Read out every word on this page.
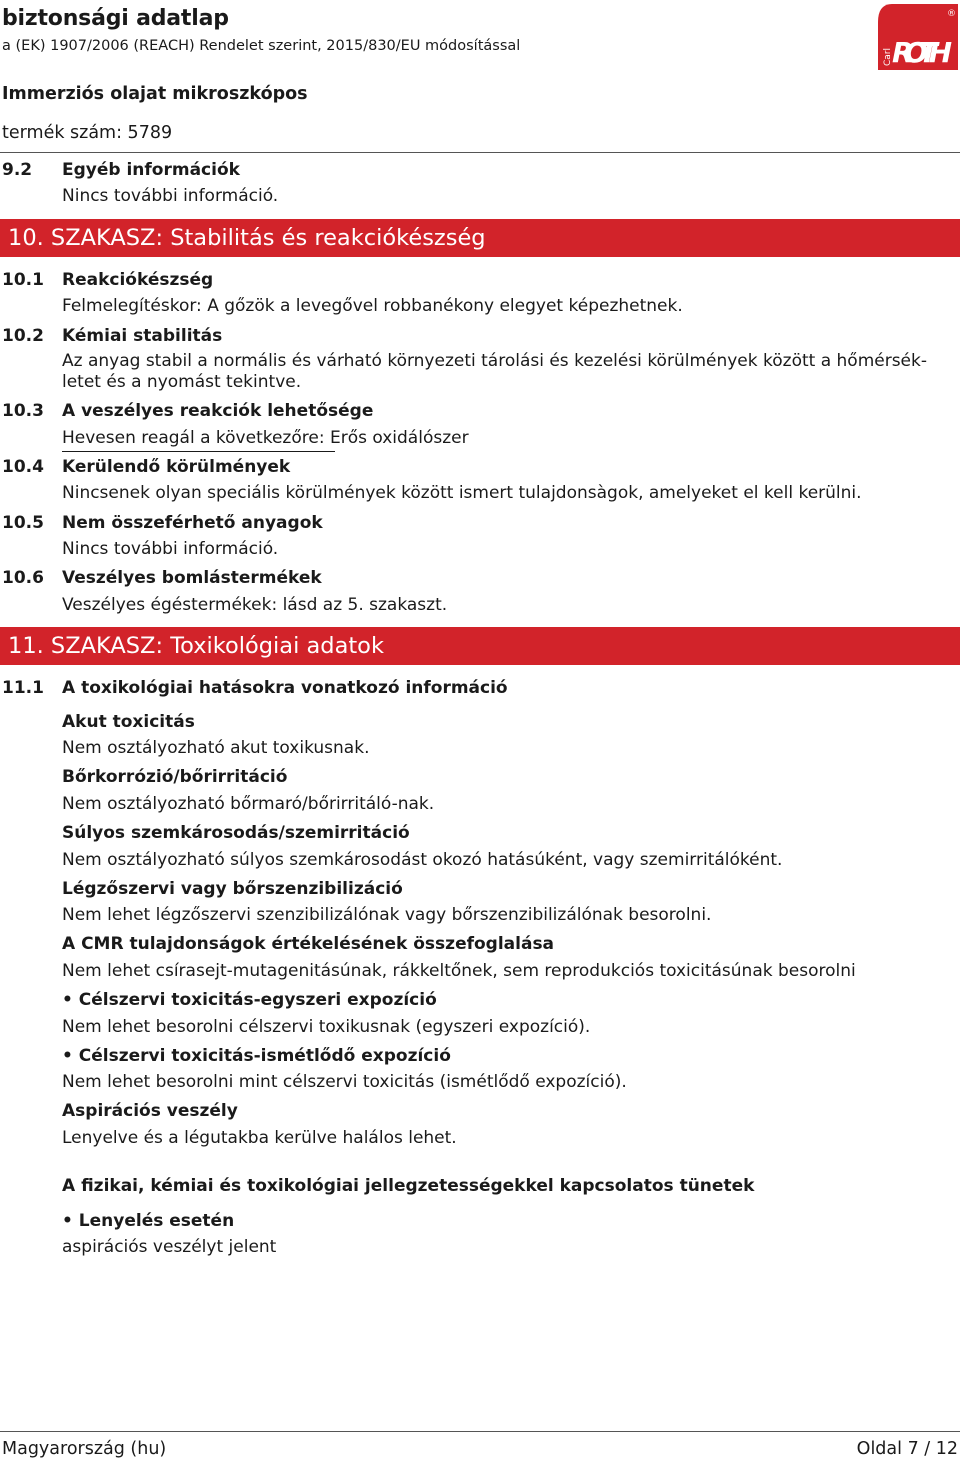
biztonsági adatlap
a (EK) 1907/2006 (REACH) Rendelet szerint, 2015/830/EU módosítással
Immerziós olajat mikroszkópos
termék szám: 5789
Carl ROTH
®
9.2 Egyéb információk
Nincs további információ.
10. SZAKASZ: Stabilitás és reakciókészség
10.1 Reakciókészség
Felmelegítéskor: A gőzök a levegővel robbanékony elegyet képezhetnek.
10.2 Kémiai stabilitás
Az anyag stabil a normális és várható környezeti tárolási és kezelési körülmények között a hőmérsék-
letet és a nyomást tekintve.
10.3 A veszélyes reakciók lehetősége
Hevesen reagál a következőre: Erős oxidálószer
10.4 Kerülendő körülmények
Nincsenek olyan speciális körülmények között ismert tulajdonsàgok, amelyeket el kell kerülni.
10.5 Nem összeférhető anyagok
Nincs további információ.
10.6 Veszélyes bomlástermékek
Veszélyes égéstermékek: lásd az 5. szakaszt.
11. SZAKASZ: Toxikológiai adatok
11.1 A toxikológiai hatásokra vonatkozó információ
Akut toxicitás
Nem osztályozható akut toxikusnak.
Bőrkorrózió/bőrirritáció
Nem osztályozható bőrmaró/bőrirritáló-nak.
Súlyos szemkárosodás/szemirritáció
Nem osztályozható súlyos szemkárosodást okozó hatásúként, vagy szemirritálóként.
Légzőszervi vagy bőrszenzibilizáció
Nem lehet légzőszervi szenzibilizálónak vagy bőrszenzibilizálónak besorolni.
A CMR tulajdonságok értékelésének összefoglalása
Nem lehet csírasejt-mutagenitásúnak, rákkeltőnek, sem reprodukciós toxicitásúnak besorolni
• Célszervi toxicitás-egyszeri expozíció
Nem lehet besorolni célszervi toxikusnak (egyszeri expozíció).
• Célszervi toxicitás-ismétlődő expozíció
Nem lehet besorolni mint célszervi toxicitás (ismétlődő expozíció).
Aspirációs veszély
Lenyelve és a légutakba kerülve halálos lehet.
A fizikai, kémiai és toxikológiai jellegzetességekkel kapcsolatos tünetek
• Lenyelés esetén
aspirációs veszélyt jelent
Magyarország (hu)	Oldal 7 / 12
